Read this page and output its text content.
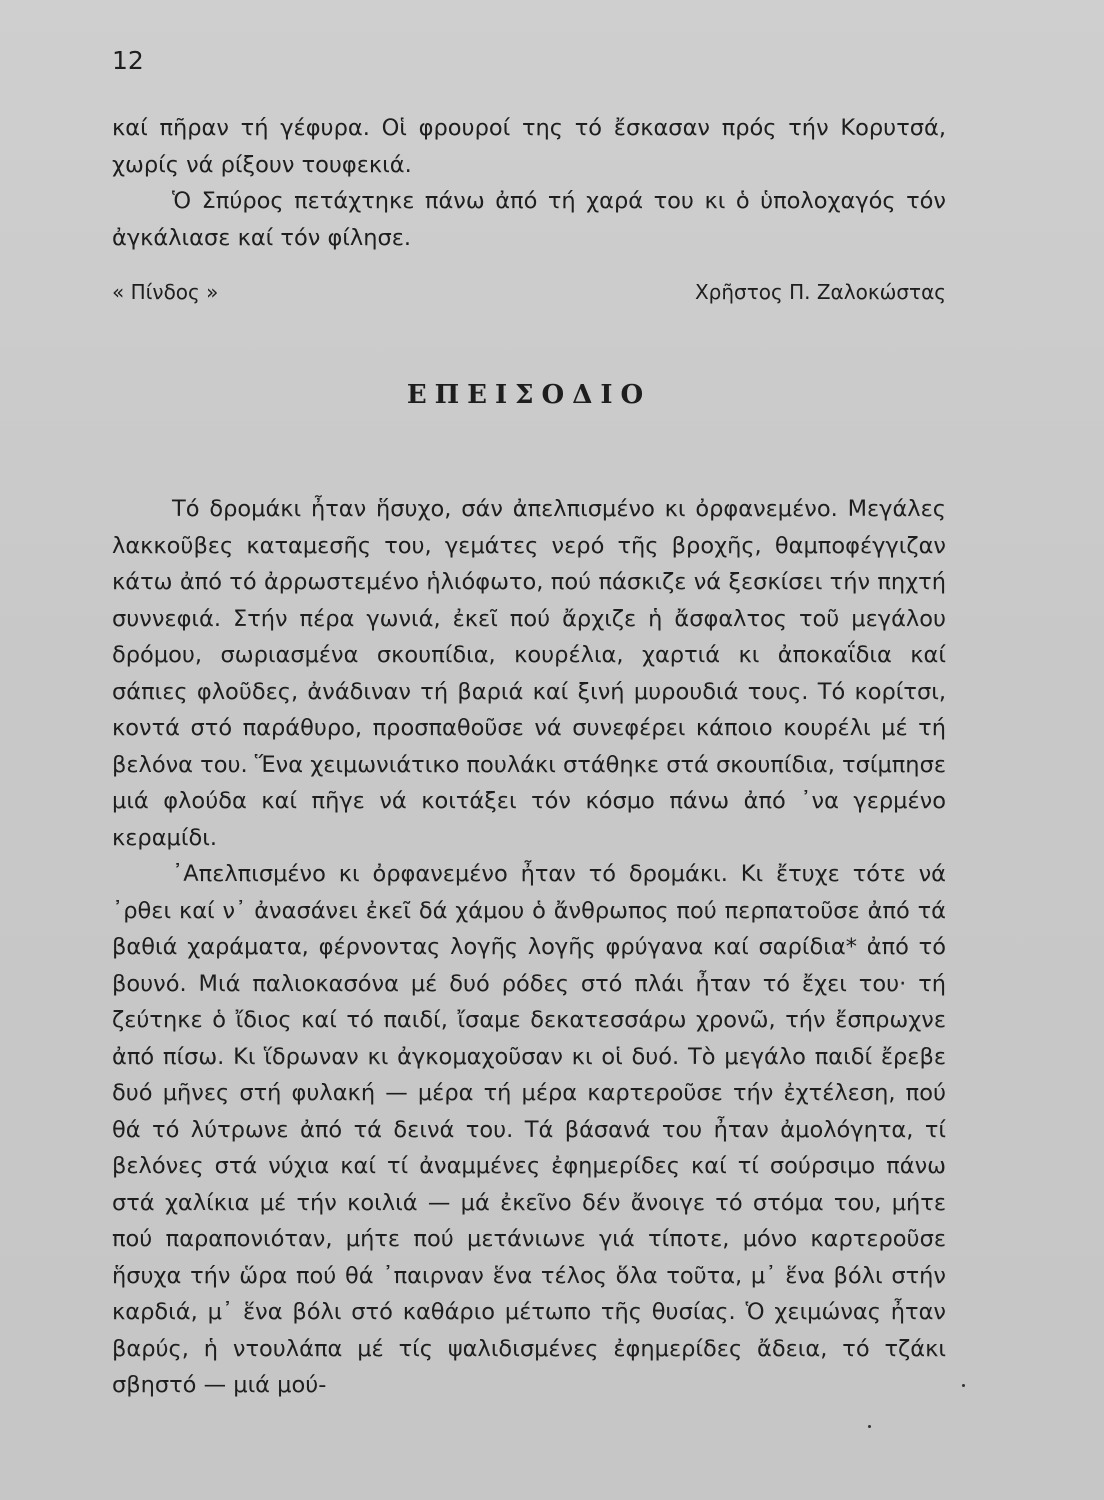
12

καί πῆραν τή γέφυρα. Οἱ φρουροί της τό ἔσκασαν πρός τήν Κορυτσά, χωρίς νά ρίξουν τουφεκιά.

Ὁ Σπύρος πετάχτηκε πάνω ἀπό τή χαρά του κι ὁ ὑπολοχαγός τόν ἀγκάλιασε καί τόν φίλησε.

« Πίνδος »	Χρῆστος Π. Ζαλοκώστας
ΕΠΕΙΣΟΔΙΟ

Τό δρομάκι ἦταν ἥσυχο, σάν ἀπελπισμένο κι ὀρφανεμένο. Μεγάλες λακκοῦβες καταμεσῆς του, γεμάτες νερό τῆς βροχῆς, θαμποφέγγιζαν κάτω ἀπό τό ἀρρωστεμένο ἡλιόφωτο, πού πάσκιζε νά ξεσκίσει τήν πηχτή συννεφιά. Στήν πέρα γωνιά, ἐκεῖ πού ἄρχιζε ἡ ἄσφαλτος τοῦ μεγάλου δρόμου, σωριασμένα σκουπίδια, κουρέλια, χαρτιά κι ἀποκαΐδια καί σάπιες φλοῦδες, ἀνάδιναν τή βαριά καί ξινή μυρουδιά τους. Τό κορίτσι, κοντά στό παράθυρο, προσπαθοῦσε νά συνεφέρει κάποιο κουρέλι μέ τή βελόνα του. Ἕνα χειμωνιάτικο πουλάκι στάθηκε στά σκουπίδια, τσίμπησε μιά φλούδα καί πῆγε νά κοιτάξει τόν κόσμο πάνω ἀπό ᾽να γερμένο κεραμίδι.

᾽Απελπισμένο κι ὀρφανεμένο ἦταν τό δρομάκι. Κι ἔτυχε τότε νά ᾽ρθει καί ν᾽ ἀνασάνει ἐκεῖ δά χάμου ὁ ἄνθρωπος πού περπατοῦσε ἀπό τά βαθιά χαράματα, φέρνοντας λογῆς λογῆς φρύγανα καί σαρίδια* ἀπό τό βουνό. Μιά παλιοκασόνα μέ δυό ρόδες στό πλάι ἦταν τό ἔχει του· τή ζεύτηκε ὁ ἴδιος καί τό παιδί, ἴσαμε δεκατεσσάρω χρονῶ, τήν ἔσπρωχνε ἀπό πίσω. Κι ἵδρωναν κι ἀγκομαχοῦσαν κι οἱ δυό. Τὸ μεγάλο παιδί ἔρεβε δυό μῆνες στή φυλακή — μέρα τή μέρα καρτεροῦσε τήν ἐχτέλεση, πού θά τό λύτρωνε ἀπό τά δεινά του. Τά βάσανά του ἦταν ἀμολόγητα, τί βελόνες στά νύχια καί τί ἀναμμένες ἐφημερίδες καί τί σούρσιμο πάνω στά χαλίκια μέ τήν κοιλιά — μά ἐκεῖνο δέν ἄνοιγε τό στόμα του, μήτε πού παραπονιόταν, μήτε πού μετάνιωνε γιά τίποτε, μόνο καρτεροῦσε ἥσυχα τήν ὥρα πού θά ᾽παιρναν ἕνα τέλος ὅλα τοῦτα, μ᾽ ἕνα βόλι στήν καρδιά, μ᾽ ἕνα βόλι στό καθάριο μέτωπο τῆς θυσίας. Ὁ χειμώνας ἦταν βαρύς, ἡ ντουλάπα μέ τίς ψαλιδισμένες ἐφημερίδες ἄδεια, τό τζάκι σβηστό — μιά μού-
